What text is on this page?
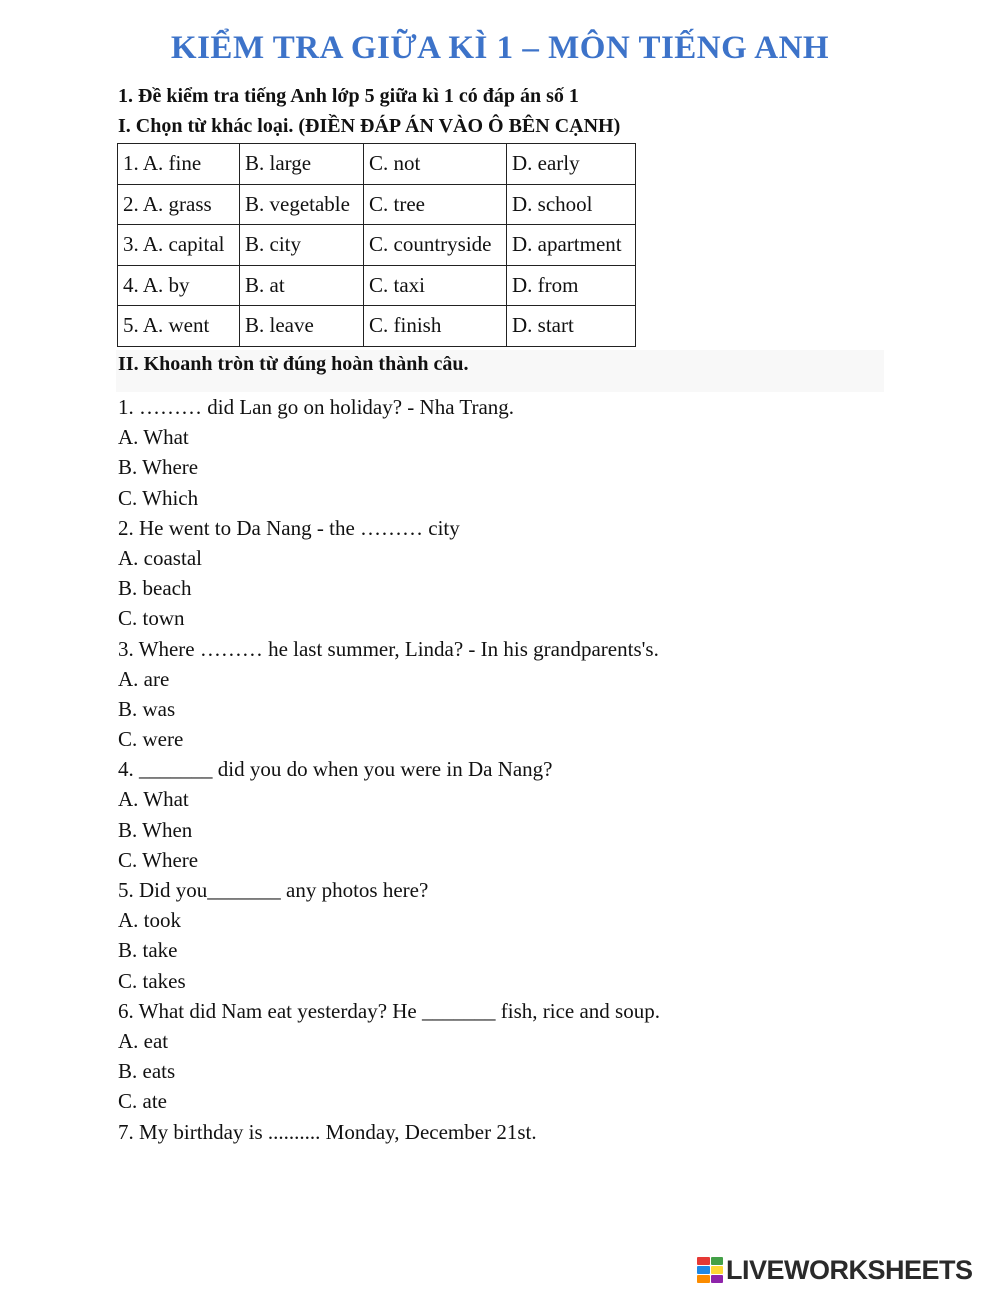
KIỂM TRA GIỮA KÌ 1 – MÔN TIẾNG ANH
1. Đề kiểm tra tiếng Anh lớp 5 giữa kì 1 có đáp án số 1
I. Chọn từ khác loại. (ĐIỀN ĐÁP ÁN VÀO Ô BÊN CẠNH)
1. A. fine	B. large	C. not	D. early
2. A. grass	B. vegetable	C. tree	D. school
3. A. capital	B. city	C. countryside	D. apartment
4. A. by	B. at	C. taxi	D. from
5. A. went	B. leave	C. finish	D. start
II. Khoanh tròn từ đúng hoàn thành câu.
1. ……… did Lan go on holiday? - Nha Trang.
A. What
B. Where
C. Which
2. He went to Da Nang - the ……… city
A. coastal
B. beach
C. town
3. Where ……… he last summer, Linda? - In his grandparents's.
A. are
B. was
C. were
4. _______ did you do when you were in Da Nang?
A. What
B. When
C. Where
5. Did you_______ any photos here?
A. took
B. take
C. takes
6. What did Nam eat yesterday? He _______ fish, rice and soup.
A. eat
B. eats
C. ate
7. My birthday is .......... Monday, December 21st.
LIVEWORKSHEETS
